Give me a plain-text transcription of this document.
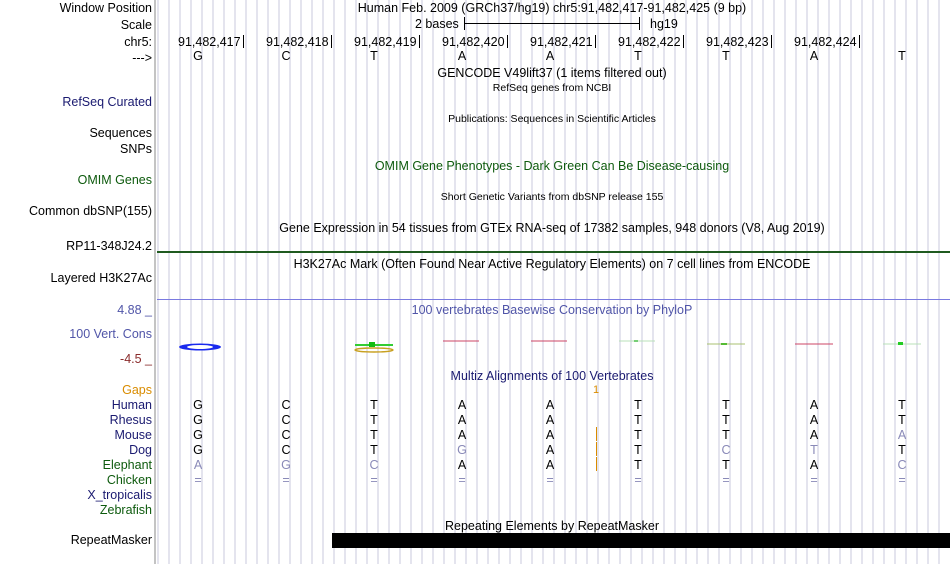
Window Position	Human Feb. 2009 (GRCh37/hg19) chr5:91,482,417-91,482,425 (9 bp)
Scale	2 bases	hg19
chr5: 91,482,417 91,482,418 91,482,419 91,482,420 91,482,421 91,482,422 91,482,423 91,482,424
--->	G	C	T	A	A	T	T	A	T
GENCODE V49lift37 (1 items filtered out)
RefSeq genes from NCBI
RefSeq Curated
Sequences
Publications: Sequences in Scientific Articles
SNPs
OMIM Gene Phenotypes - Dark Green Can Be Disease-causing
OMIM Genes
Short Genetic Variants from dbSNP release 155
Common dbSNP(155)
Gene Expression in 54 tissues from GTEx RNA-seq of 17382 samples, 948 donors (V8, Aug 2019)
RP11-348J24.2
H3K27Ac Mark (Often Found Near Active Regulatory Elements) on 7 cell lines from ENCODE
Layered H3K27Ac
4.88 _	100 vertebrates Basewise Conservation by PhyloP
100 Vert. Cons
-4.5 _
Gaps	1
Multiz Alignments of 100 Vertebrates
Human	G	C	T	A	A	T	T	A	T
Rhesus	G	C	T	A	A	T	T	A	T
Mouse	G	C	T	A	A	T	T	A	A
Dog	G	C	T	G	A	T	C	T	T
Elephant	A	G	C	A	A	T	T	A	C
Chicken	=	=	=	=	=	=	=	=	=
X_tropicalis
Zebrafish
Repeating Elements by RepeatMasker
RepeatMasker
